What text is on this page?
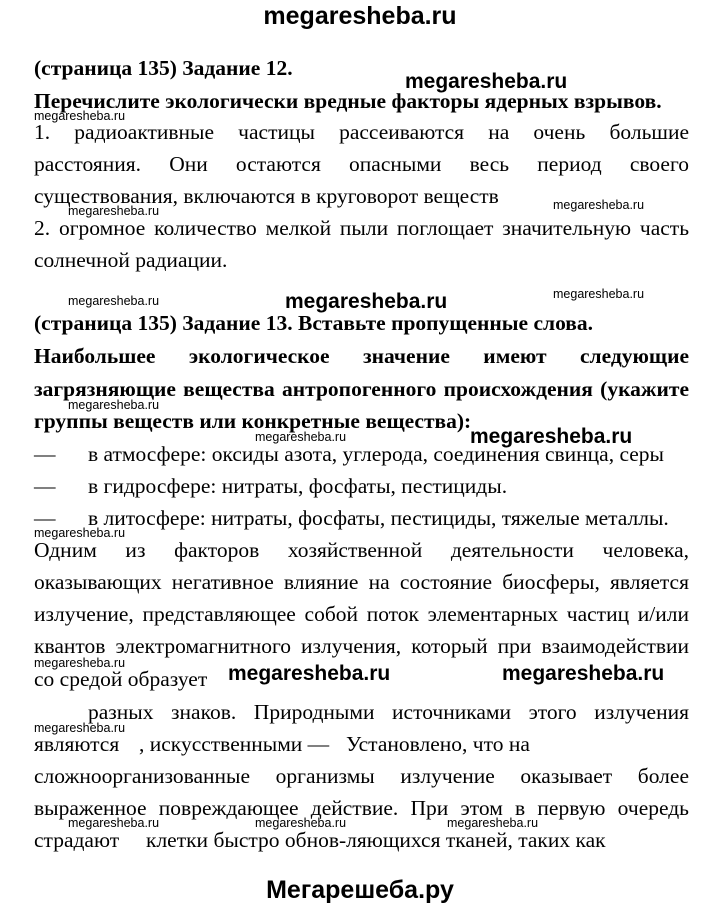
megaresheba.ru
(страница 135) Задание 12.
megaresheba.ru
Перечислите экологически вредные факторы ядерных взрывов.
megaresheba.ru
1. радиоактивные частицы рассеиваются на очень большие
расстояния. Они остаются опасными весь период своего
существования, включаются в круговорот веществ
megaresheba.ru	megaresheba.ru
2. огромное количество мелкой пыли поглощает значительную часть
солнечной радиации.
megaresheba.ru	megaresheba.ru	megaresheba.ru
(страница 135) Задание 13. Вставьте пропущенные слова.
Наибольшее экологическое значение имеют следующие
загрязняющие вещества антропогенного происхождения (укажите
megaresheba.ru
группы веществ или конкретные вещества):
megaresheba.ru	megaresheba.ru
— в атмосфере: оксиды азота, углерода, соединения свинца, серы
— в гидросфере: нитраты, фосфаты, пестициды.
— в литосфере: нитраты, фосфаты, пестициды, тяжелые металлы.
megaresheba.ru
Одним из факторов хозяйственной деятельности человека,
оказывающих негативное влияние на состояние биосферы, является
излучение, представляющее собой поток элементарных частиц и/или
квантов электромагнитного излучения, который при взаимодействии
megaresheba.ru	megaresheba.ru	megaresheba.ru
со средой образует
разных знаков. Природными источниками этого излучения
megaresheba.ru
являются , искусственными — Установлено, что на
сложноорганизованные организмы излучение оказывает более
выраженное повреждающее действие. При этом в первую очередь
megaresheba.ru	megaresheba.ru	megaresheba.ru
страдают клетки быстро обнов-ляющихся тканей, таких как
Мегарешеба.ру
